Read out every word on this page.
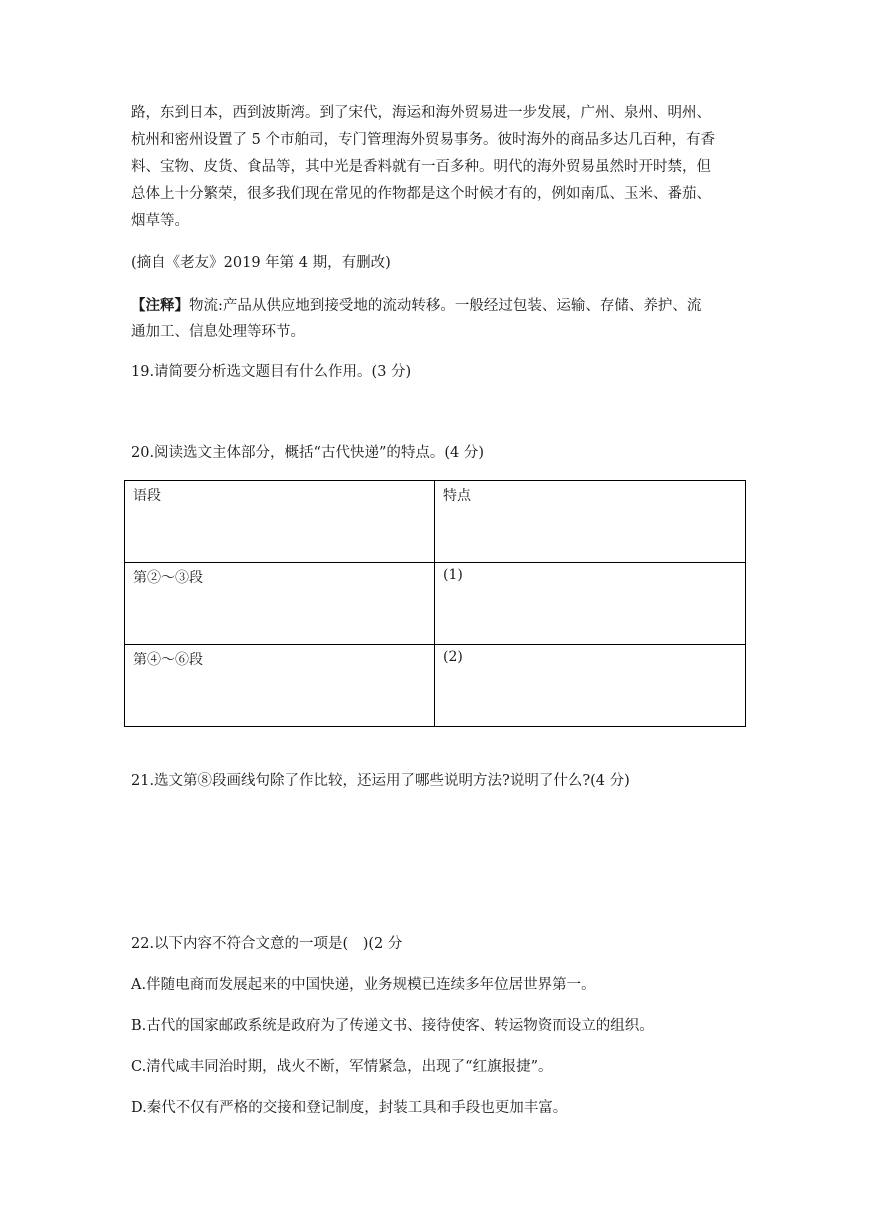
路，东到日本，西到波斯湾。到了宋代，海运和海外贸易进一步发展，广州、泉州、明州、
杭州和密州设置了 5 个市舶司，专门管理海外贸易事务。彼时海外的商品多达几百种，有香
料、宝物、皮货、食品等，其中光是香料就有一百多种。明代的海外贸易虽然时开时禁，但
总体上十分繁荣，很多我们现在常见的作物都是这个时候才有的，例如南瓜、玉米、番茄、
烟草等。
(摘自《老友》2019 年第 4 期，有删改)
【注释】物流:产品从供应地到接受地的流动转移。一般经过包装、运输、存储、养护、流
通加工、信息处理等环节。
19.请简要分析选文题目有什么作用。(3 分)
20.阅读选文主体部分，概括“古代快递”的特点。(4 分)
语段	特点
第②～③段	(1)
第④～⑥段	(2)
21.选文第⑧段画线句除了作比较，还运用了哪些说明方法?说明了什么?(4 分)
22.以下内容不符合文意的一项是(　)(2 分
A.伴随电商而发展起来的中国快递，业务规模已连续多年位居世界第一。
B.古代的国家邮政系统是政府为了传递文书、接待使客、转运物资而设立的组织。
C.清代咸丰同治时期，战火不断，军情紧急，出现了“红旗报捷”。
D.秦代不仅有严格的交接和登记制度，封装工具和手段也更加丰富。
